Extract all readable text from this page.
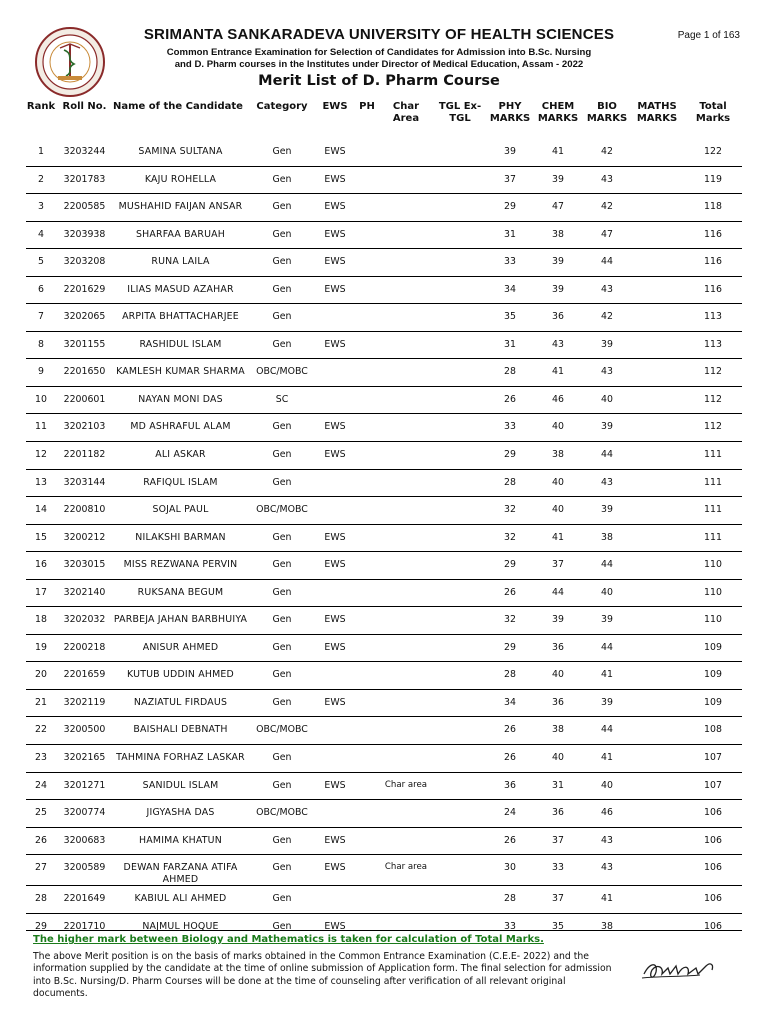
SRIMANTA SANKARADEVA UNIVERSITY OF HEALTH SCIENCES
Common Entrance Examination for Selection of Candidates for Admission into B.Sc. Nursing
and D. Pharm courses in the Institutes under Director of Medical Education, Assam - 2022
Merit List of D. Pharm Course
Page 1 of 163
Rank	Roll No.	Name of the Candidate	Category	EWS	PH	Char Area	TGL Ex-TGL	PHY MARKS	CHEM MARKS	BIO MARKS	MATHS MARKS	Total Marks
1	3203244	SAMINA SULTANA	Gen	EWS				39	41	42		122
2	3201783	KAJU ROHELLA	Gen	EWS				37	39	43		119
3	2200585	MUSHAHID FAIJAN ANSAR	Gen	EWS				29	47	42		118
4	3203938	SHARFAA BARUAH	Gen	EWS				31	38	47		116
5	3203208	RUNA LAILA	Gen	EWS				33	39	44		116
6	2201629	ILIAS MASUD AZAHAR	Gen	EWS				34	39	43		116
7	3202065	ARPITA BHATTACHARJEE	Gen					35	36	42		113
8	3201155	RASHIDUL ISLAM	Gen	EWS				31	43	39		113
9	2201650	KAMLESH KUMAR SHARMA	OBC/MOBC					28	41	43		112
10	2200601	NAYAN MONI DAS	SC					26	46	40		112
11	3202103	MD ASHRAFUL ALAM	Gen	EWS				33	40	39		112
12	2201182	ALI ASKAR	Gen	EWS				29	38	44		111
13	3203144	RAFIQUL ISLAM	Gen					28	40	43		111
14	2200810	SOJAL PAUL	OBC/MOBC					32	40	39		111
15	3200212	NILAKSHI BARMAN	Gen	EWS				32	41	38		111
16	3203015	MISS REZWANA PERVIN	Gen	EWS				29	37	44		110
17	3202140	RUKSANA BEGUM	Gen					26	44	40		110
18	3202032	PARBEJA JAHAN BARBHUIYA	Gen	EWS				32	39	39		110
19	2200218	ANISUR AHMED	Gen	EWS				29	36	44		109
20	2201659	KUTUB UDDIN AHMED	Gen					28	40	41		109
21	3202119	NAZIATUL FIRDAUS	Gen	EWS				34	36	39		109
22	3200500	BAISHALI DEBNATH	OBC/MOBC					26	38	44		108
23	3202165	TAHMINA FORHAZ LASKAR	Gen					26	40	41		107
24	3201271	SANIDUL ISLAM	Gen	EWS		Char area		36	31	40		107
25	3200774	JIGYASHA DAS	OBC/MOBC					24	36	46		106
26	3200683	HAMIMA KHATUN	Gen	EWS				26	37	43		106
27	3200589	DEWAN FARZANA ATIFA AHMED	Gen	EWS		Char area		30	33	43		106
28	2201649	KABIUL ALI AHMED	Gen					28	37	41		106
29	2201710	NAJMUL HOQUE	Gen	EWS				33	35	38		106
The higher mark between Biology and Mathematics is taken for calculation of Total Marks.
The above Merit position is on the basis of marks obtained in the Common Entrance Examination (C.E.E- 2022) and the information supplied by the candidate at the time of online submission of Application form. The final selection for admission into B.Sc. Nursing/D. Pharm Courses will be done at the time of counseling after verification of all relevant original documents.
